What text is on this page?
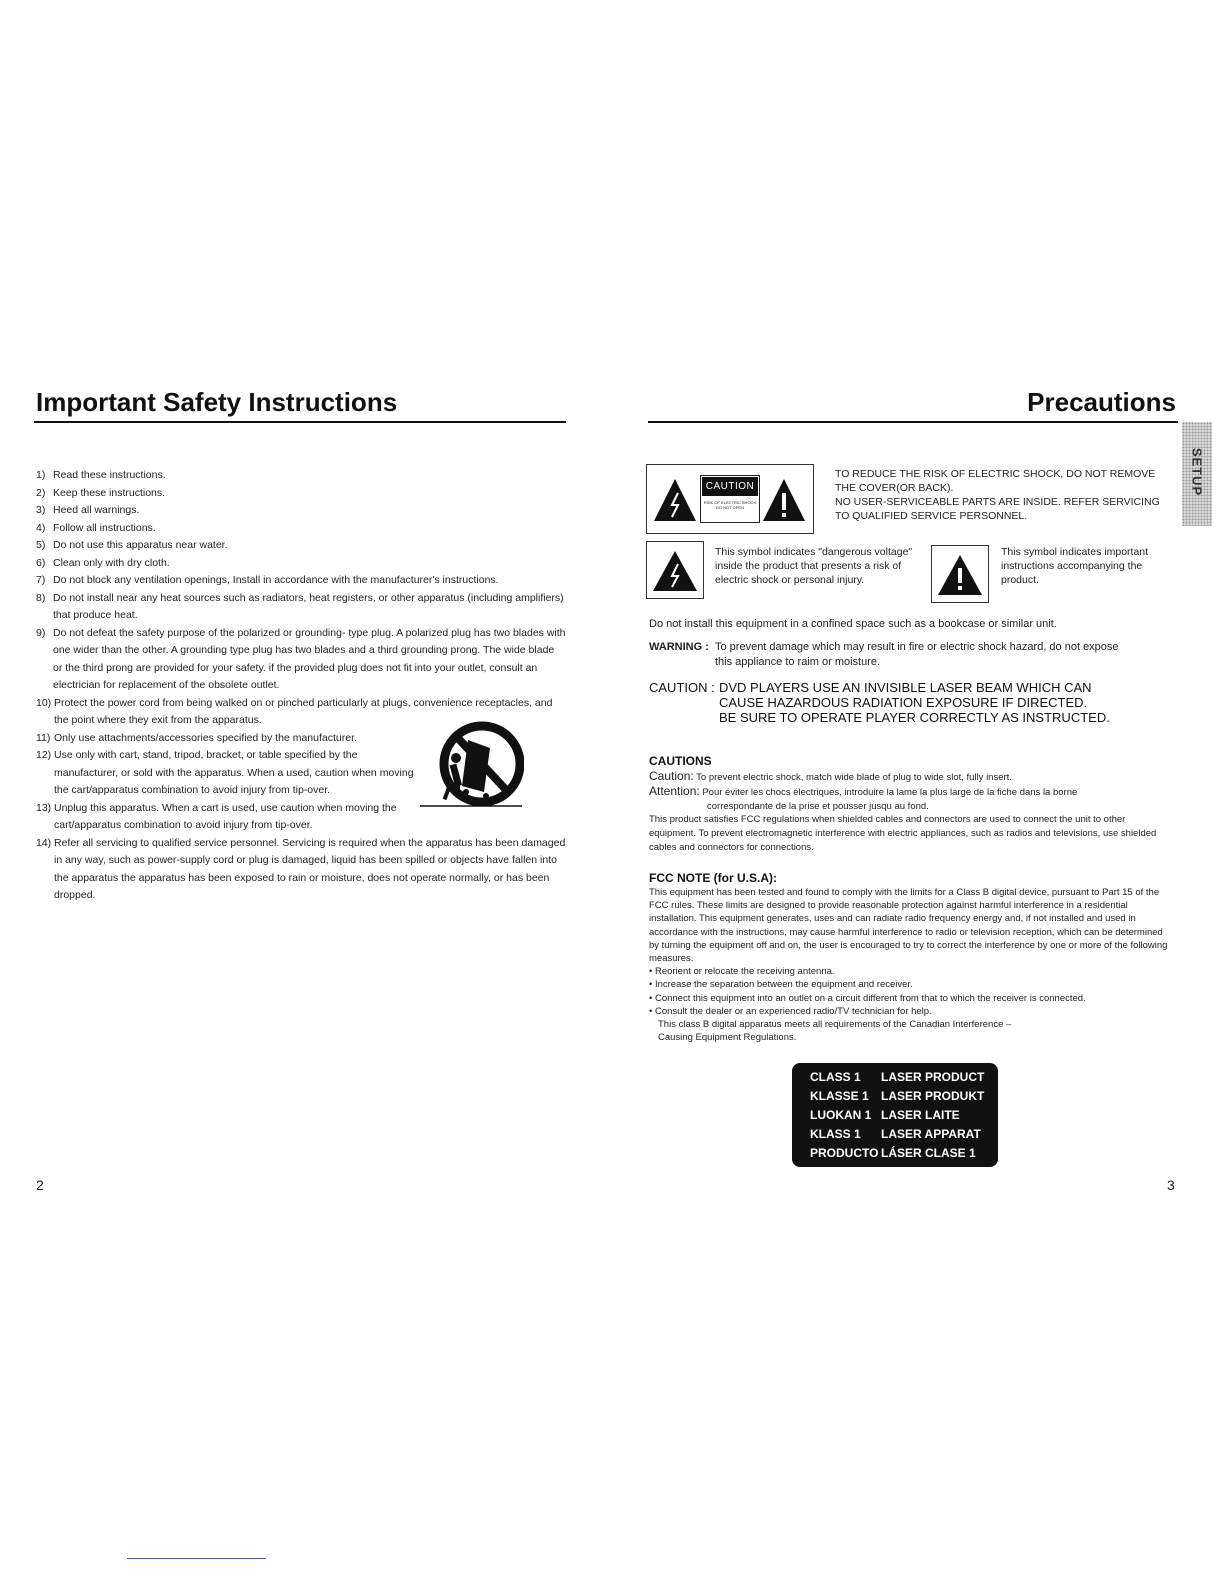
Important Safety Instructions
1) Read these instructions.
2) Keep these instructions.
3) Heed all warnings.
4) Follow all instructions.
5) Do not use this apparatus near water.
6) Clean only with dry cloth.
7) Do not block any ventilation openings, Install in accordance with the manufacturer's instructions.
8) Do not install near any heat sources such as radiators, heat registers, or other apparatus (including amplifiers) that produce heat.
9) Do not defeat the safety purpose of the polarized or grounding- type plug. A polarized plug has two blades with one wider than the other. A grounding type plug has two blades and a third grounding prong. The wide blade or the third prong are provided for your safety. if the provided plug does not fit into your outlet, consult an electrician for replacement of the obsolete outlet.
10) Protect the power cord from being walked on or pinched particularly at plugs, convenience receptacles, and the point where they exit from the apparatus.
11) Only use attachments/accessories specified by the manufacturer.
12) Use only with cart, stand, tripod, bracket, or table specified by the manufacturer, or sold with the apparatus. When a used, caution when moving the cart/apparatus combination to avoid injury from tip-over.
13) Unplug this apparatus. When a cart is used, use caution when moving the cart/apparatus combination to avoid injury from tip-over.
14) Refer all servicing to qualified service personnel. Servicing is required when the apparatus has been damaged in any way, such as power-supply cord or plug is damaged, liquid has been spilled or objects have fallen into the apparatus the apparatus has been exposed to rain or moisture, does not operate normally, or has been dropped.
2
Precautions
SETUP
CAUTION
RISK OF ELECTRIC SHOCK DO NOT OPEN
TO REDUCE THE RISK OF ELECTRIC SHOCK, DO NOT REMOVE
THE COVER(OR BACK).
NO USER-SERVICEABLE PARTS ARE INSIDE. REFER SERVICING
TO QUALIFIED SERVICE PERSONNEL.
This symbol indicates "dangerous voltage" inside the product that presents a risk of electric shock or personal injury.
This symbol indicates important instructions accompanying the product.
Do not install this equipment in a confined space such as a bookcase or similar unit.
WARNING : To prevent damage which may result in fire or electric shock hazard, do not expose this appliance to raim or moisture.
CAUTION : DVD PLAYERS USE AN INVISIBLE LASER BEAM WHICH CAN
CAUSE HAZARDOUS RADIATION EXPOSURE IF DIRECTED.
BE SURE TO OPERATE PLAYER CORRECTLY AS INSTRUCTED.
CAUTIONS
Caution: To prevent electric shock, match wide blade of plug to wide slot, fully insert.
Attention: Pour éviter les chocs électriques, introduire la lame la plus large de la fiche dans la borne
correspondante de la prise et pousser jusqu au fond.
This product satisfies FCC regulations when shielded cables and connectors are used to connect the unit to other equipment. To prevent electromagnetic interference with electric appliances, such as radios and televisions, use shielded cables and connectors for connections.
FCC NOTE (for U.S.A):
This equipment has been tested and found to comply with the limits for a Class B digital device, pursuant to Part 15 of the FCC rules. These limits are designed to provide reasonable protection against harmful interference in a residential installation. This equipment generates, uses and can radiate radio frequency energy and, if not installed and used in accordance with the instructions, may cause harmful interference to radio or television reception, which can be determined by turning the equipment off and on, the user is encouraged to try to correct the interference by one or more of the following measures.
• Reorient or relocate the receiving antenna.
• Increase the separation between the equipment and receiver.
• Connect this equipment into an outlet on a circuit different from that to which the receiver is connected.
• Consult the dealer or an experienced radio/TV technician for help.
This class B digital apparatus meets all requirements of the Canadian Interference –
Causing Equipment Regulations.
CLASS 1 LASER PRODUCT
KLASSE 1 LASER PRODUKT
LUOKAN 1 LASER LAITE
KLASS 1 LASER APPARAT
PRODUCTO LÁSER CLASE 1
3
